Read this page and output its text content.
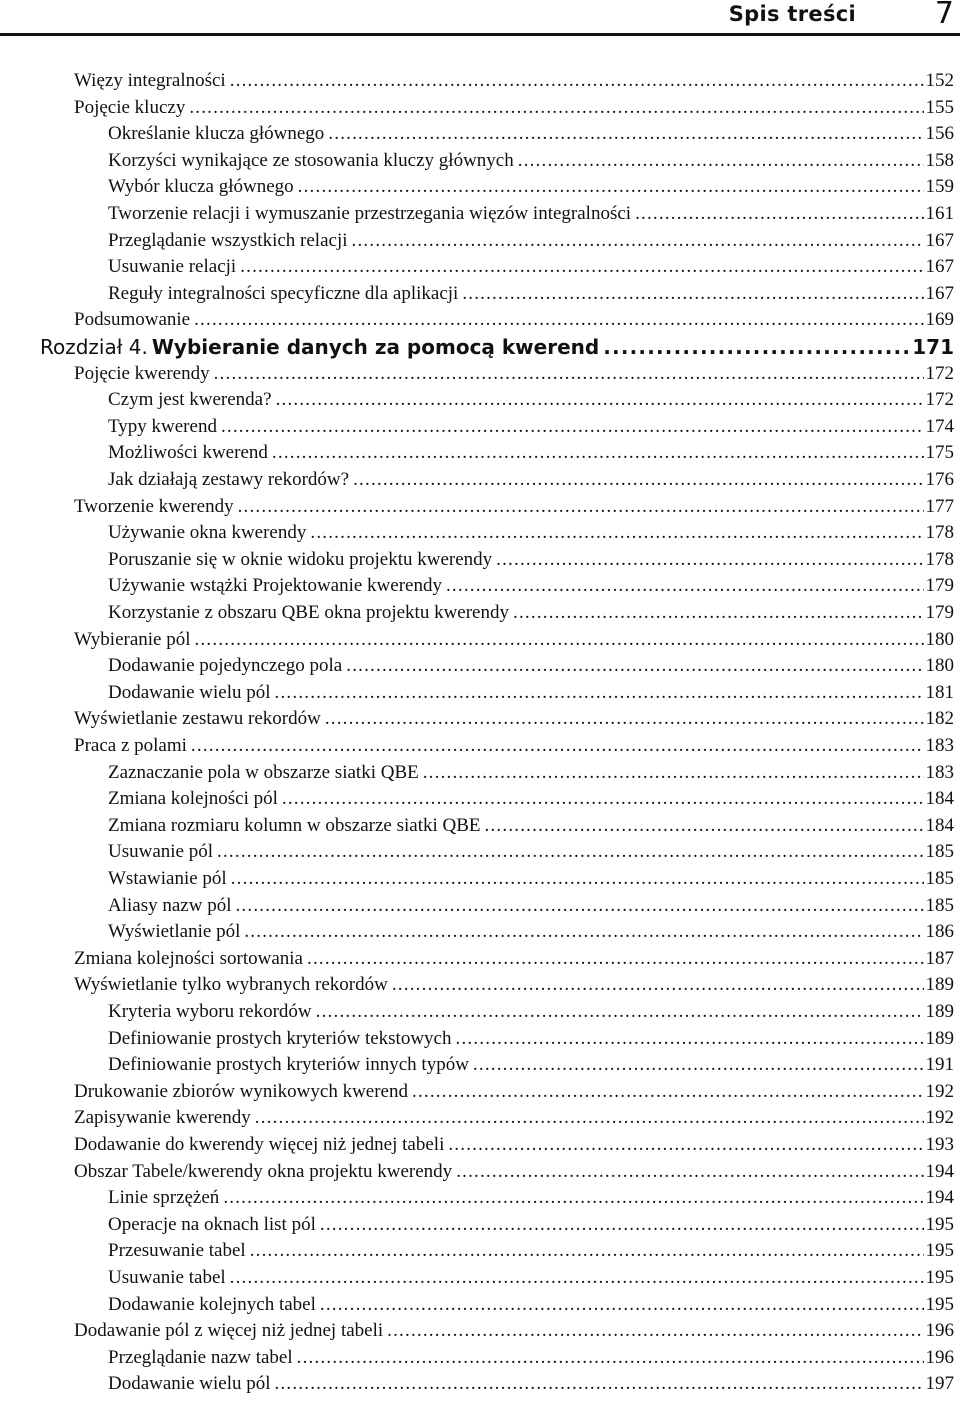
Spis treści	7
Więzy integralności .....	152
Pojęcie kluczy .....	155
Określanie klucza głównego .....	156
Korzyści wynikające ze stosowania kluczy głównych .....	158
Wybór klucza głównego .....	159
Tworzenie relacji i wymuszanie przestrzegania więzów integralności .....	161
Przeglądanie wszystkich relacji .....	167
Usuwanie relacji .....	167
Reguły integralności specyficzne dla aplikacji .....	167
Podsumowanie .....	169
Rozdział 4. Wybieranie danych za pomocą kwerend .....	171
Pojęcie kwerendy .....	172
Czym jest kwerenda? .....	172
Typy kwerend .....	174
Możliwości kwerend .....	175
Jak działają zestawy rekordów? .....	176
Tworzenie kwerendy .....	177
Używanie okna kwerendy .....	178
Poruszanie się w oknie widoku projektu kwerendy .....	178
Używanie wstążki Projektowanie kwerendy .....	179
Korzystanie z obszaru QBE okna projektu kwerendy .....	179
Wybieranie pól .....	180
Dodawanie pojedynczego pola .....	180
Dodawanie wielu pól .....	181
Wyświetlanie zestawu rekordów .....	182
Praca z polami .....	183
Zaznaczanie pola w obszarze siatki QBE .....	183
Zmiana kolejności pól .....	184
Zmiana rozmiaru kolumn w obszarze siatki QBE .....	184
Usuwanie pól .....	185
Wstawianie pól .....	185
Aliasy nazw pól .....	185
Wyświetlanie pól .....	186
Zmiana kolejności sortowania .....	187
Wyświetlanie tylko wybranych rekordów .....	189
Kryteria wyboru rekordów .....	189
Definiowanie prostych kryteriów tekstowych .....	189
Definiowanie prostych kryteriów innych typów .....	191
Drukowanie zbiorów wynikowych kwerend .....	192
Zapisywanie kwerendy .....	192
Dodawanie do kwerendy więcej niż jednej tabeli .....	193
Obszar Tabele/kwerendy okna projektu kwerendy .....	194
Linie sprzężeń .....	194
Operacje na oknach list pól .....	195
Przesuwanie tabel .....	195
Usuwanie tabel .....	195
Dodawanie kolejnych tabel .....	195
Dodawanie pól z więcej niż jednej tabeli .....	196
Przeglądanie nazw tabel .....	196
Dodawanie wielu pól .....	197
